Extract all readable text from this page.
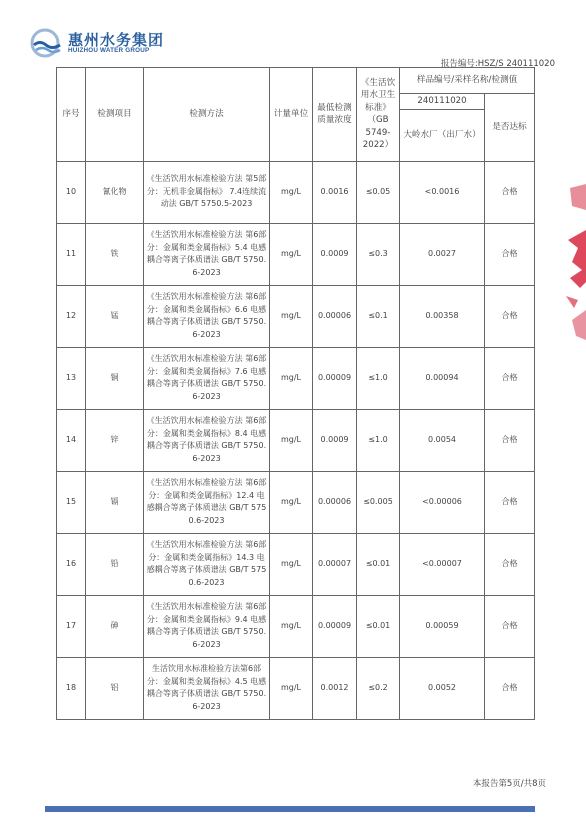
惠州水务集团
HUIZHOU WATER GROUP
报告编号:HSZ/S 240111020
序号	检测项目	检测方法	计量单位	最低检测质量浓度	《生活饮用水卫生标准》（GB 5749-2022）	样品编号/采样名称/检测值	
						240111020	是否达标
						大岭水厂（出厂水）	
10	氰化物	《生活饮用水标准检验方法 第5部分：无机非金属指标》 7.4连续流动法 GB/T 5750.5-2023	mg/L	0.0016	≤0.05	<0.0016	合格
11	铁	《生活饮用水标准检验方法 第6部分：金属和类金属指标》5.4 电感耦合等离子体质谱法 GB/T 5750.6-2023	mg/L	0.0009	≤0.3	0.0027	合格
12	锰	《生活饮用水标准检验方法 第6部分：金属和类金属指标》6.6 电感耦合等离子体质谱法 GB/T 5750.6-2023	mg/L	0.00006	≤0.1	0.00358	合格
13	铜	《生活饮用水标准检验方法 第6部分：金属和类金属指标》7.6 电感耦合等离子体质谱法 GB/T 5750.6-2023	mg/L	0.00009	≤1.0	0.00094	合格
14	锌	《生活饮用水标准检验方法 第6部分：金属和类金属指标》8.4 电感耦合等离子体质谱法 GB/T 5750.6-2023	mg/L	0.0009	≤1.0	0.0054	合格
15	镉	《生活饮用水标准检验方法 第6部分：金属和类金属指标》12.4 电感耦合等离子体质谱法 GB/T 5750.6-2023	mg/L	0.00006	≤0.005	<0.00006	合格
16	铅	《生活饮用水标准检验方法 第6部分：金属和类金属指标》14.3 电感耦合等离子体质谱法 GB/T 5750.6-2023	mg/L	0.00007	≤0.01	<0.00007	合格
17	砷	《生活饮用水标准检验方法 第6部分：金属和类金属指标》9.4 电感耦合等离子体质谱法 GB/T 5750.6-2023	mg/L	0.00009	≤0.01	0.00059	合格
18	铝	生活饮用水标准检验方法第6部分：金属和类金属指标》4.5 电感耦合等离子体质谱法 GB/T 5750.6-2023	mg/L	0.0012	≤0.2	0.0052	合格
本报告第5页/共8页
